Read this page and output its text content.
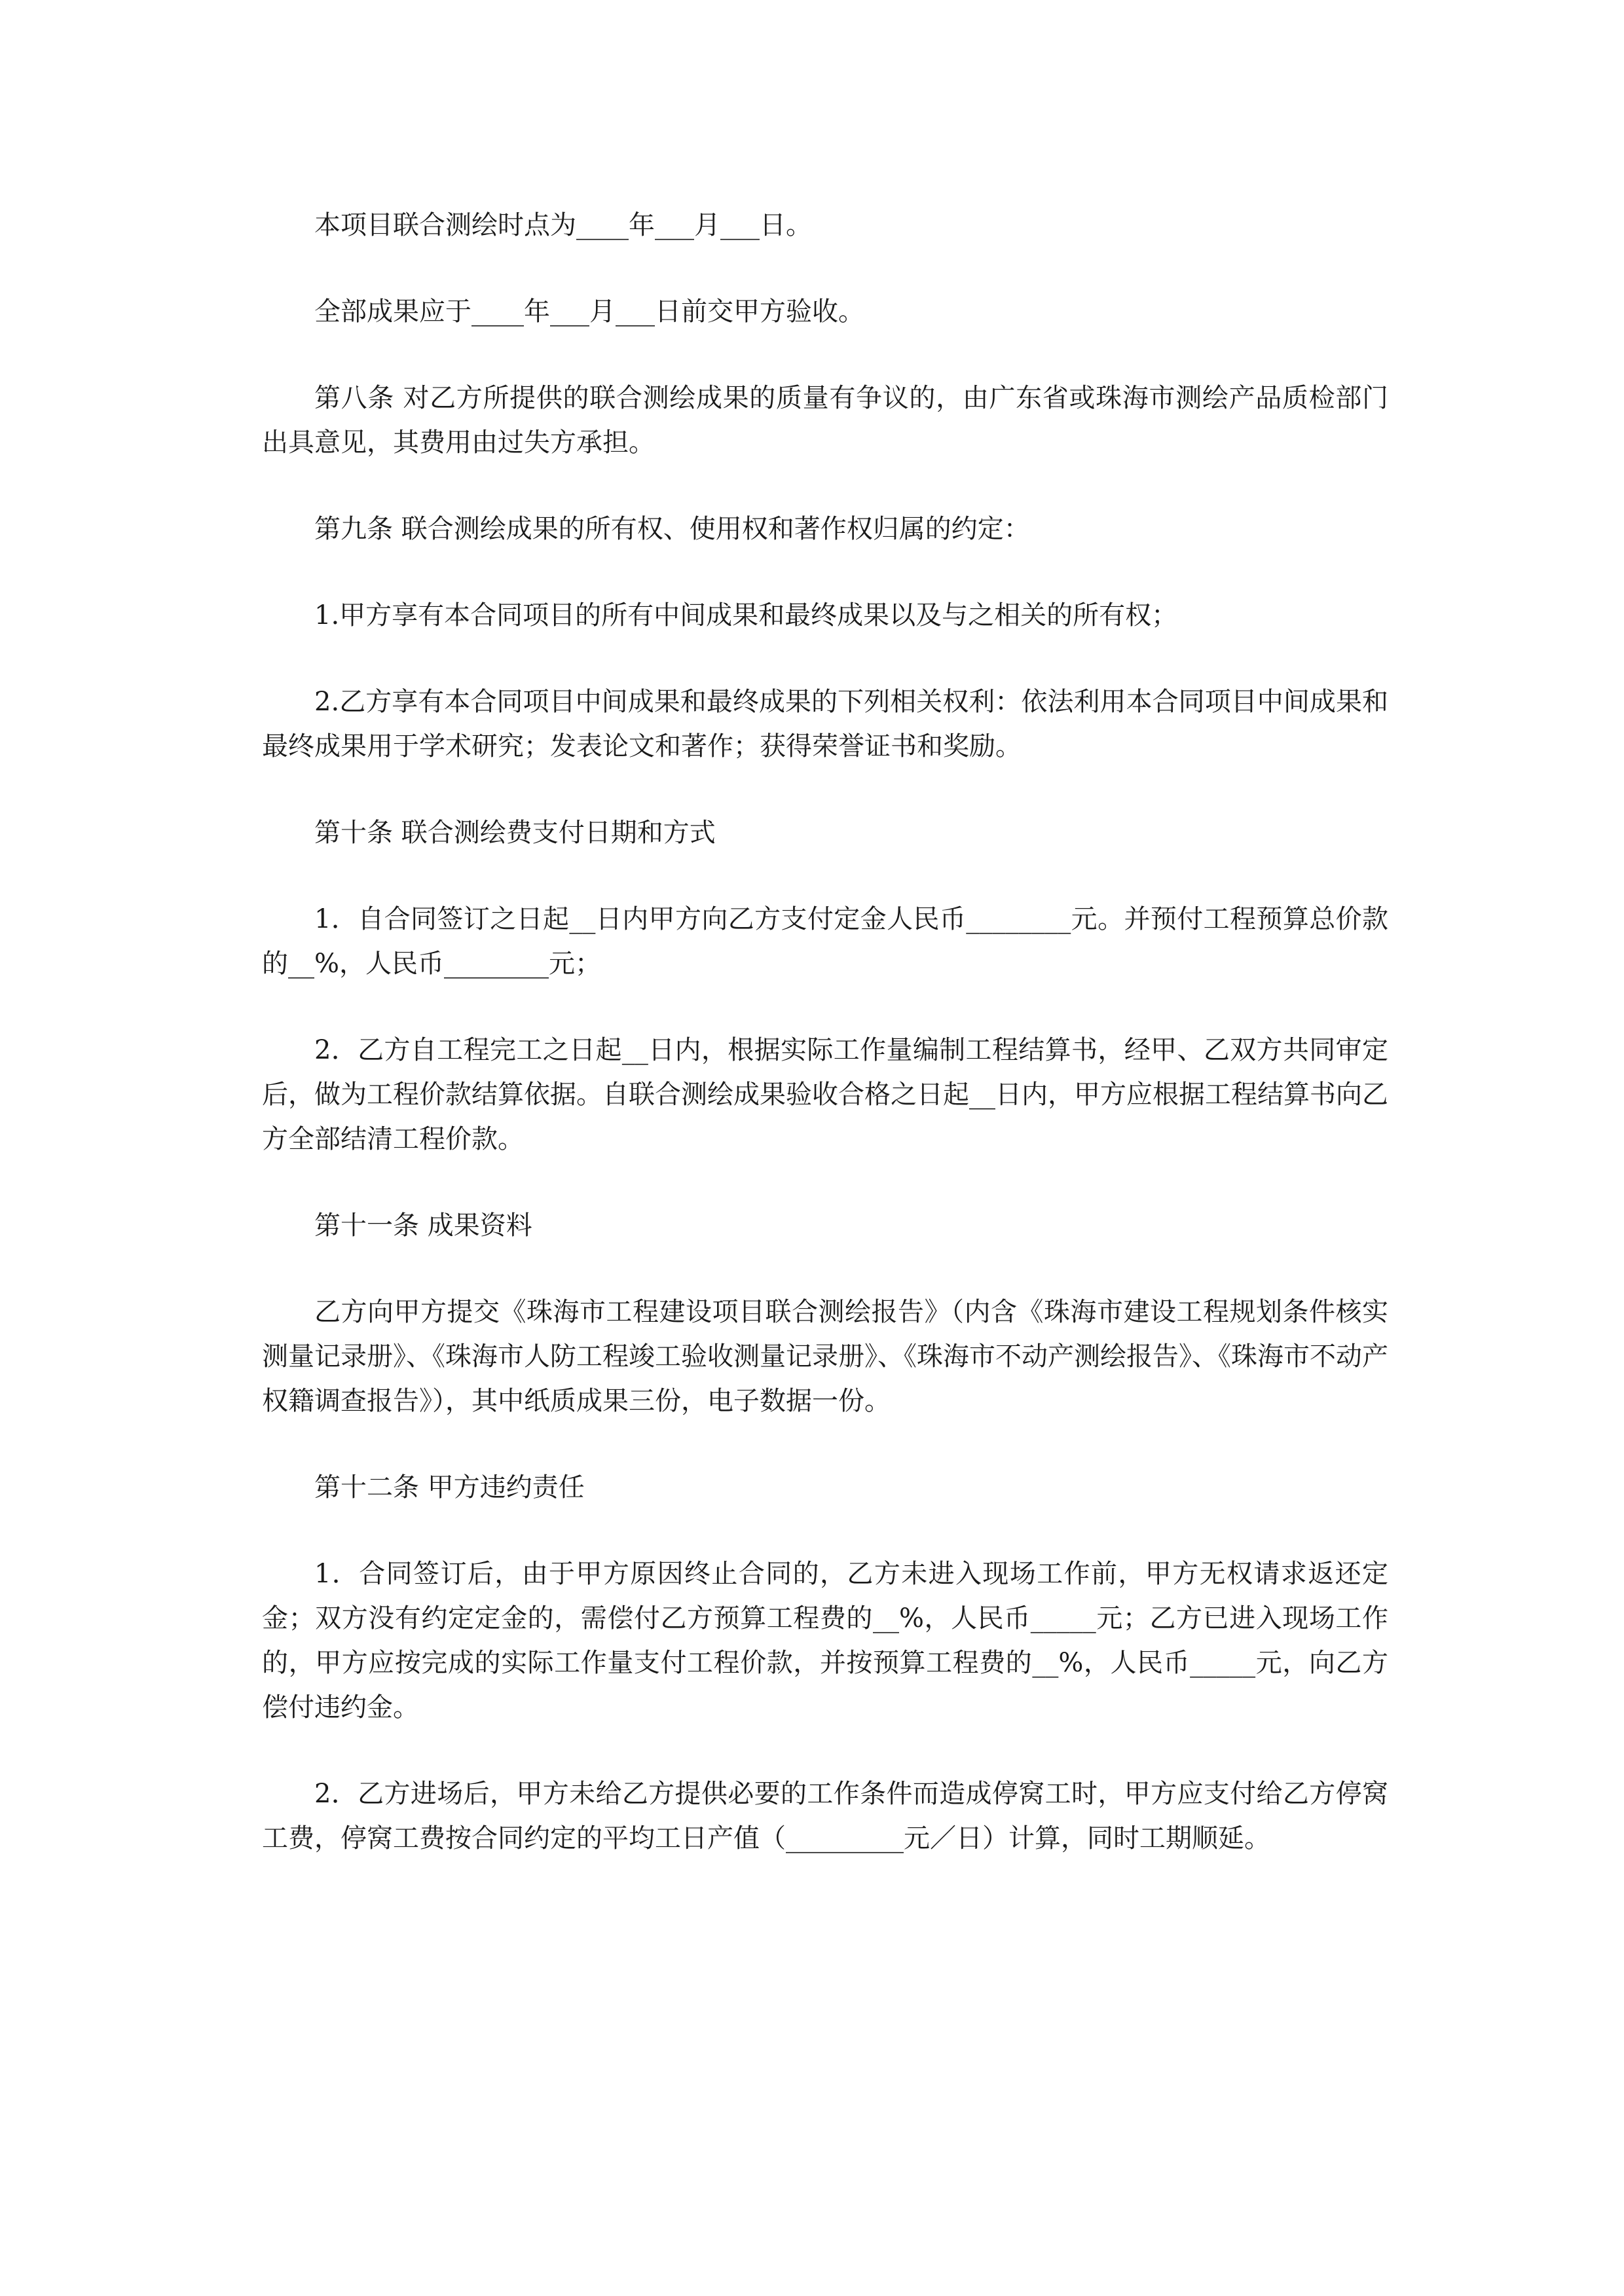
本项目联合测绘时点为____年___月___日。

全部成果应于____年___月___日前交甲方验收。

第八条 对乙方所提供的联合测绘成果的质量有争议的，由广东省或珠海市测绘产品质检部门出具意见，其费用由过失方承担。

第九条 联合测绘成果的所有权、使用权和著作权归属的约定：

1.甲方享有本合同项目的所有中间成果和最终成果以及与之相关的所有权；

2.乙方享有本合同项目中间成果和最终成果的下列相关权利：依法利用本合同项目中间成果和最终成果用于学术研究；发表论文和著作；获得荣誉证书和奖励。

第十条 联合测绘费支付日期和方式

1．自合同签订之日起__日内甲方向乙方支付定金人民币________元。并预付工程预算总价款的__%，人民币________元；

2．乙方自工程完工之日起__日内，根据实际工作量编制工程结算书，经甲、乙双方共同审定后，做为工程价款结算依据。自联合测绘成果验收合格之日起__日内，甲方应根据工程结算书向乙方全部结清工程价款。

第十一条 成果资料

乙方向甲方提交《珠海市工程建设项目联合测绘报告》（内含《珠海市建设工程规划条件核实测量记录册》、《珠海市人防工程竣工验收测量记录册》、《珠海市不动产测绘报告》、《珠海市不动产权籍调查报告》），其中纸质成果三份，电子数据一份。

第十二条 甲方违约责任

1．合同签订后，由于甲方原因终止合同的，乙方未进入现场工作前，甲方无权请求返还定金；双方没有约定定金的，需偿付乙方预算工程费的__%，人民币_____元；乙方已进入现场工作的，甲方应按完成的实际工作量支付工程价款，并按预算工程费的__%，人民币_____元，向乙方偿付违约金。

2．乙方进场后，甲方未给乙方提供必要的工作条件而造成停窝工时，甲方应支付给乙方停窝工费，停窝工费按合同约定的平均工日产值（_________元／日）计算，同时工期顺延。
